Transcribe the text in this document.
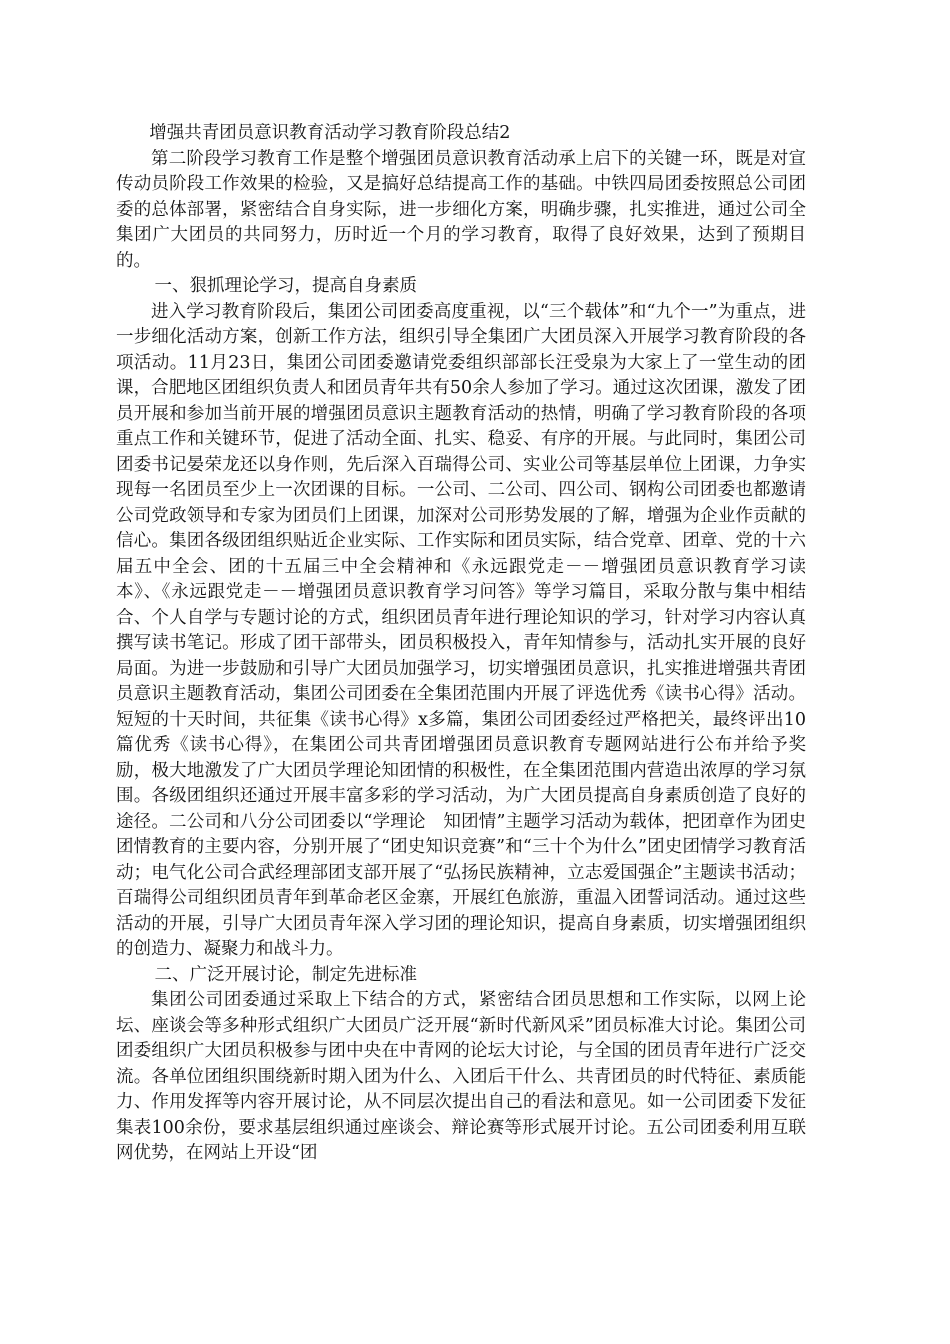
增强共青团员意识教育活动学习教育阶段总结2

第二阶段学习教育工作是整个增强团员意识教育活动承上启下的关键一环，既是对宣传动员阶段工作效果的检验，又是搞好总结提高工作的基础。中铁四局团委按照总公司团委的总体部署，紧密结合自身实际，进一步细化方案，明确步骤，扎实推进，通过公司全集团广大团员的共同努力，历时近一个月的学习教育，取得了良好效果，达到了预期目的。

一、狠抓理论学习，提高自身素质

进入学习教育阶段后，集团公司团委高度重视，以“三个载体”和“九个一”为重点，进一步细化活动方案，创新工作方法，组织引导全集团广大团员深入开展学习教育阶段的各项活动。11月23日，集团公司团委邀请党委组织部部长汪受泉为大家上了一堂生动的团课，合肥地区团组织负责人和团员青年共有50余人参加了学习。通过这次团课，激发了团员开展和参加当前开展的增强团员意识主题教育活动的热情，明确了学习教育阶段的各项重点工作和关键环节，促进了活动全面、扎实、稳妥、有序的开展。与此同时，集团公司团委书记晏荣龙还以身作则，先后深入百瑞得公司、实业公司等基层单位上团课，力争实现每一名团员至少上一次团课的目标。一公司、二公司、四公司、钢构公司团委也都邀请公司党政领导和专家为团员们上团课，加深对公司形势发展的了解，增强为企业作贡献的信心。集团各级团组织贴近企业实际、工作实际和团员实际，结合党章、团章、党的十六届五中全会、团的十五届三中全会精神和《永远跟党走－－增强团员意识教育学习读本》、《永远跟党走－－增强团员意识教育学习问答》等学习篇目，采取分散与集中相结合、个人自学与专题讨论的方式，组织团员青年进行理论知识的学习，针对学习内容认真撰写读书笔记。形成了团干部带头，团员积极投入，青年知情参与，活动扎实开展的良好局面。为进一步鼓励和引导广大团员加强学习，切实增强团员意识，扎实推进增强共青团员意识主题教育活动，集团公司团委在全集团范围内开展了评选优秀《读书心得》活动。短短的十天时间，共征集《读书心得》x多篇，集团公司团委经过严格把关，最终评出10篇优秀《读书心得》，在集团公司共青团增强团员意识教育专题网站进行公布并给予奖励，极大地激发了广大团员学理论知团情的积极性，在全集团范围内营造出浓厚的学习氛围。各级团组织还通过开展丰富多彩的学习活动，为广大团员提高自身素质创造了良好的途径。二公司和八分公司团委以“学理论　知团情”主题学习活动为载体，把团章作为团史团情教育的主要内容，分别开展了“团史知识竞赛”和“三十个为什么”团史团情学习教育活动；电气化公司合武经理部团支部开展了“弘扬民族精神，立志爱国强企”主题读书活动；百瑞得公司组织团员青年到革命老区金寨，开展红色旅游，重温入团誓词活动。通过这些活动的开展，引导广大团员青年深入学习团的理论知识，提高自身素质，切实增强团组织的创造力、凝聚力和战斗力。

二、广泛开展讨论，制定先进标准

集团公司团委通过采取上下结合的方式，紧密结合团员思想和工作实际，以网上论坛、座谈会等多种形式组织广大团员广泛开展“新时代新风采”团员标准大讨论。集团公司团委组织广大团员积极参与团中央在中青网的论坛大讨论，与全国的团员青年进行广泛交流。各单位团组织围绕新时期入团为什么、入团后干什么、共青团员的时代特征、素质能力、作用发挥等内容开展讨论，从不同层次提出自己的看法和意见。如一公司团委下发征集表100余份，要求基层组织通过座谈会、辩论赛等形式展开讨论。五公司团委利用互联网优势，在网站上开设“团
